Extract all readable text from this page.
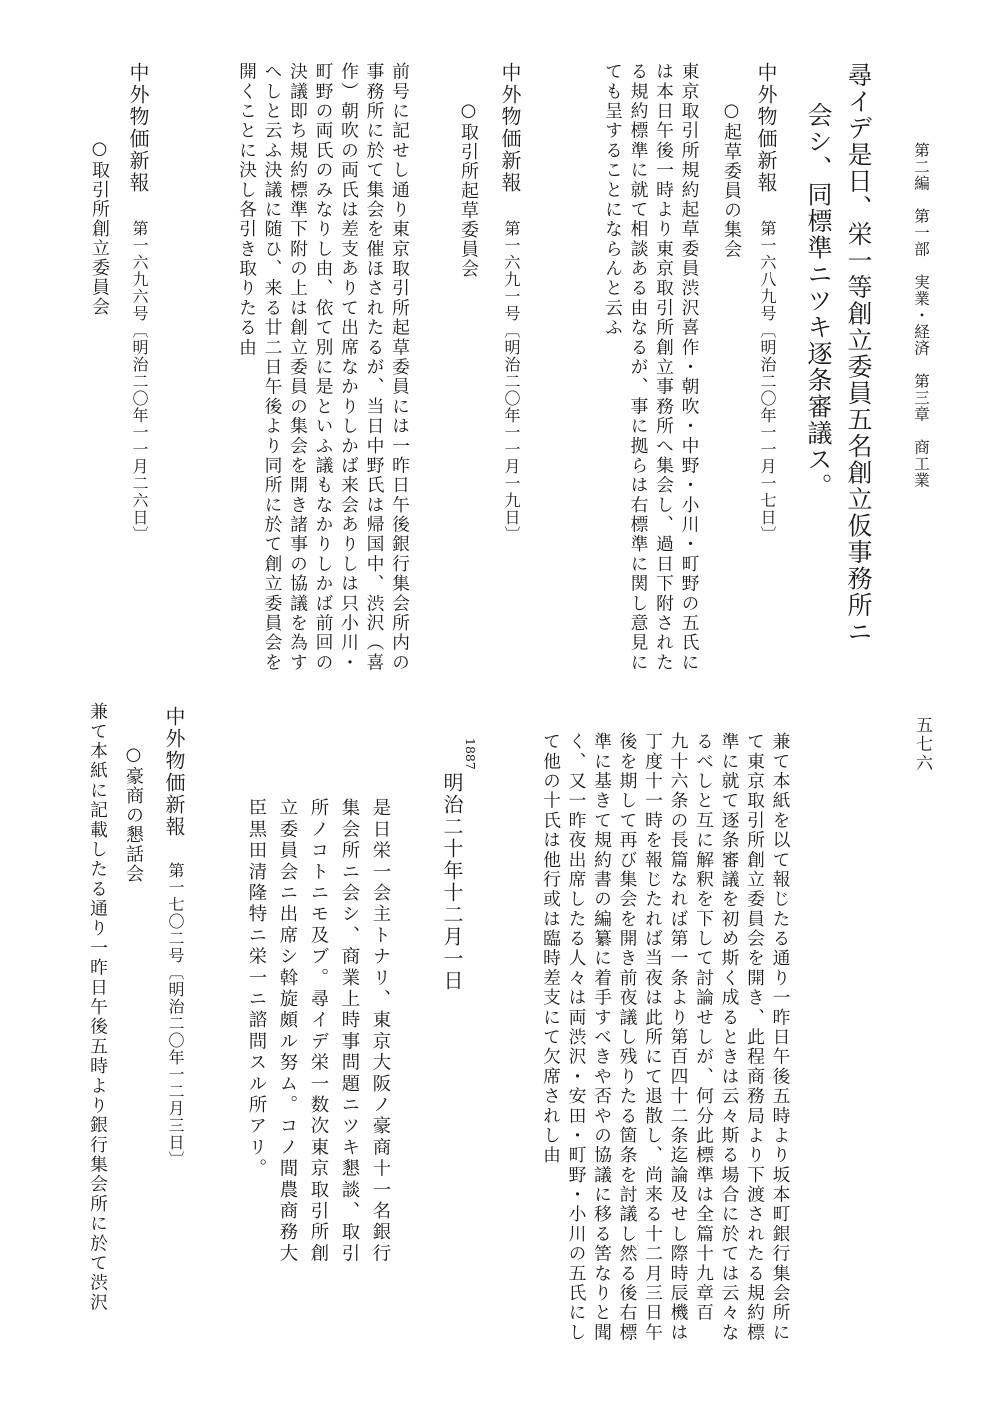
第二編　第一部　実業・経済　第三章　商工業

五七六

尋イデ是日、栄一等創立委員五名創立仮事務所ニ

会シ、同標準ニツキ逐条審議ス。

中外物価新報

第一六八九号〔明治二〇年一一月一七日〕

○起草委員の集会

東京取引所規約起草委員渋沢喜作・朝吹・中野・小川・町野の五氏に
は本日午後一時より東京取引所創立事務所へ集会し、過日下附された
る規約標準に就て相談ある由なるが、事に拠らは右標準に関し意見に
ても呈することにならんと云ふ

中外物価新報

第一六九一号〔明治二〇年一一月一九日〕

○取引所起草委員会

前号に記せし通り東京取引所起草委員には一昨日午後銀行集会所内の
事務所に於て集会を催ほされたるが、当日中野氏は帰国中、渋沢（喜
作）朝吹の両氏は差支ありて出席なかりしかば来会ありしは只小川・
町野の両氏のみなりし由、依て別に是といふ議もなかりしかば前回の
決議即ち規約標準下附の上は創立委員の集会を開き諸事の協議を為す
へしと云ふ決議に随ひ、来る廿二日午後より同所に於て創立委員会を
開くことに決し各引き取りたる由

中外物価新報

第一六九六号〔明治二〇年一一月二六日〕

○取引所創立委員会

兼て本紙を以て報じたる通り一昨日午後五時より坂本町銀行集会所に
て東京取引所創立委員会を開き、此程商務局より下渡されたる規約標
準に就て逐条審議を初め斯く成るときは云々斯る場合に於ては云々な
るべしと互に解釈を下して討論せしが、何分此標準は全篇十九章百
九十六条の長篇なれば第一条より第百四十二条迄論及せし際時辰機は
丁度十一時を報じたれば当夜は此所にて退散し、尚来る十二月三日午
後を期して再び集会を開き前夜議し残りたる箇条を討議し然る後右標
準に基きて規約書の編纂に着手すべきや否やの協議に移る筈なりと聞
く、又一昨夜出席したる人々は両渋沢・安田・町野・小川の五氏にし
て他の十氏は他行或は臨時差支にて欠席されし由

1887

明治二十年十二月一日

是日栄一会主トナリ、東京大阪ノ豪商十一名銀行
集会所ニ会シ、商業上時事問題ニツキ懇談、取引
所ノコトニモ及ブ。尋イデ栄一数次東京取引所創
立委員会ニ出席シ斡旋頗ル努ム。コノ間農商務大
臣黒田清隆特ニ栄一ニ諮問スル所アリ。

中外物価新報

第一七〇二号〔明治二〇年一二月三日〕

○豪商の懇話会

兼て本紙に記載したる通り一昨日午後五時より銀行集会所に於て渋沢
